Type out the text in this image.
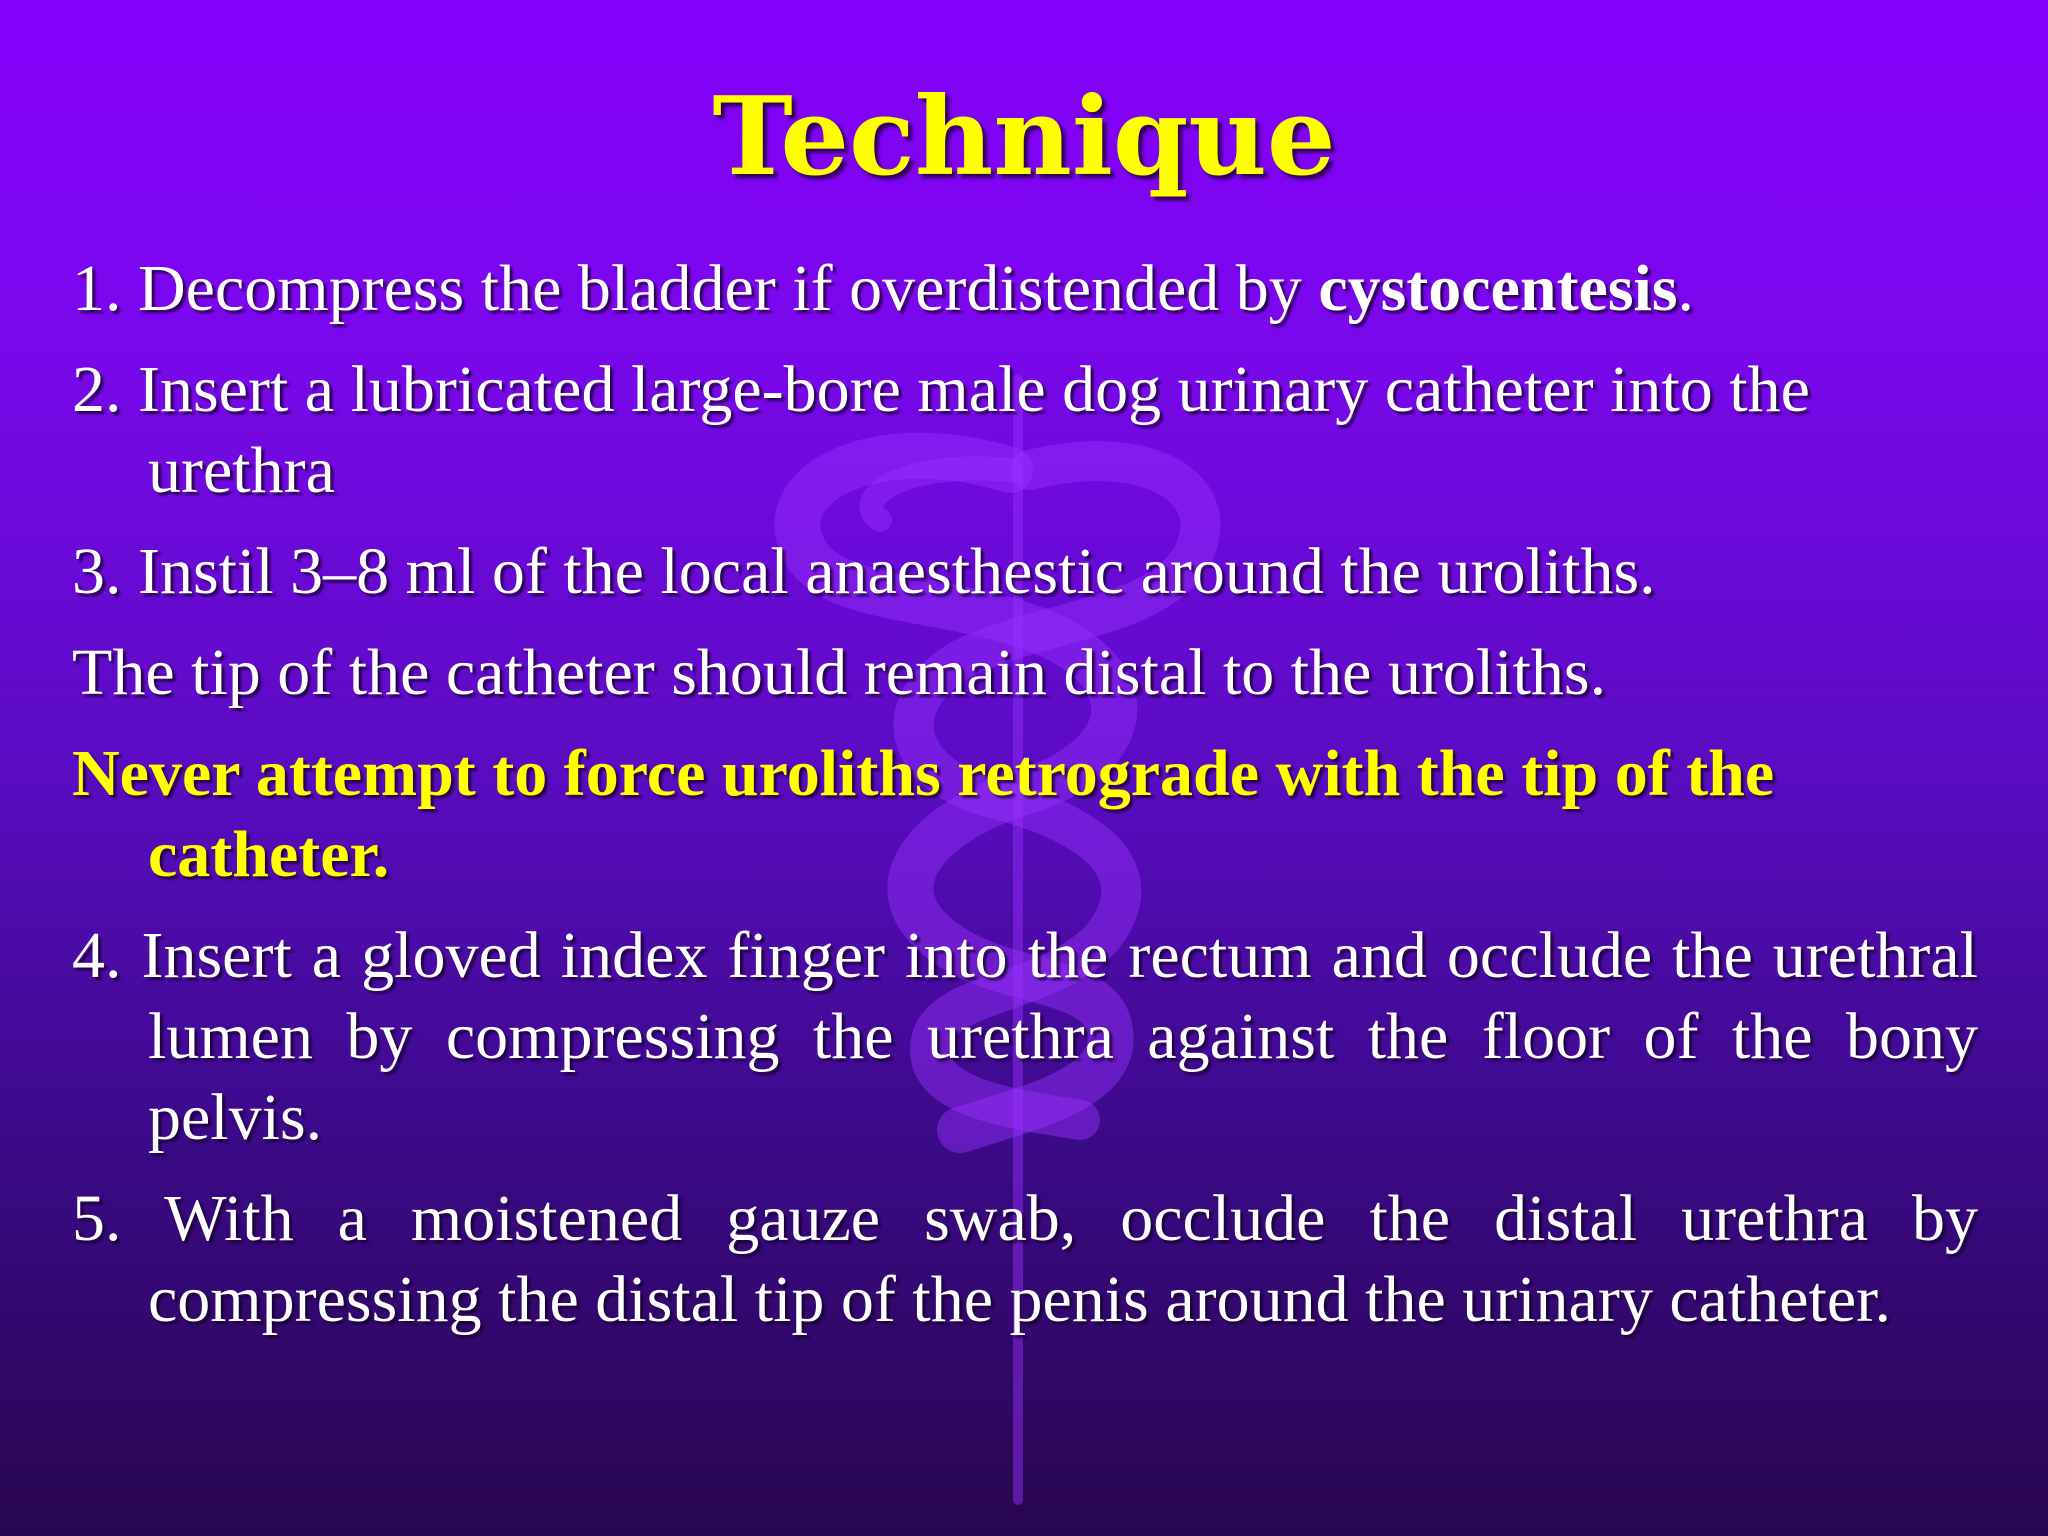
Technique

1. Decompress the bladder if overdistended by cystocentesis.

2. Insert a lubricated large-bore male dog urinary catheter into the urethra

3. Instil 3–8 ml of the local anaesthestic around the uroliths.

The tip of the catheter should remain distal to the uroliths.

Never attempt to force uroliths retrograde with the tip of the catheter.

4. Insert a gloved index finger into the rectum and occlude the urethral lumen by compressing the urethra against the floor of the bony pelvis.

5. With a moistened gauze swab, occlude the distal urethra by compressing the distal tip of the penis around the urinary catheter.
